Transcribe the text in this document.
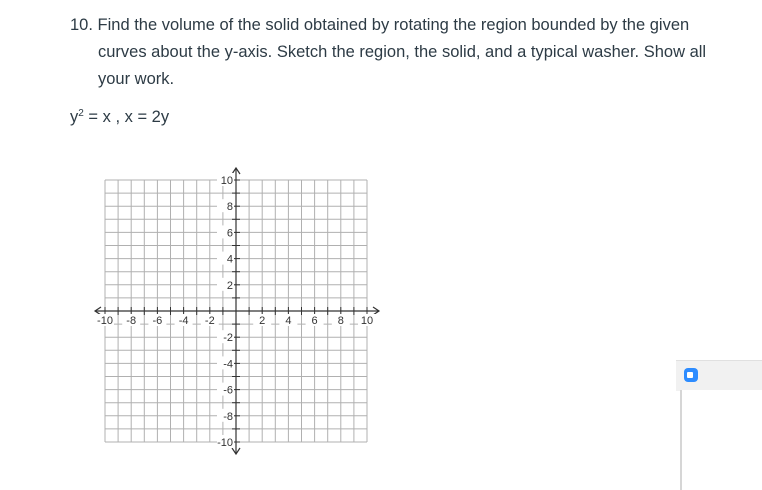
10. Find the volume of the solid obtained by rotating the region bounded by the given
curves about the y-axis. Sketch the region, the solid, and a typical washer. Show all
your work.
$y^2 = x$ , x = 2y
-10 -8 -6 -4 -2	2 4 6 8 10
10
8
6
4
2
-2
-4
-6
-8
-10
